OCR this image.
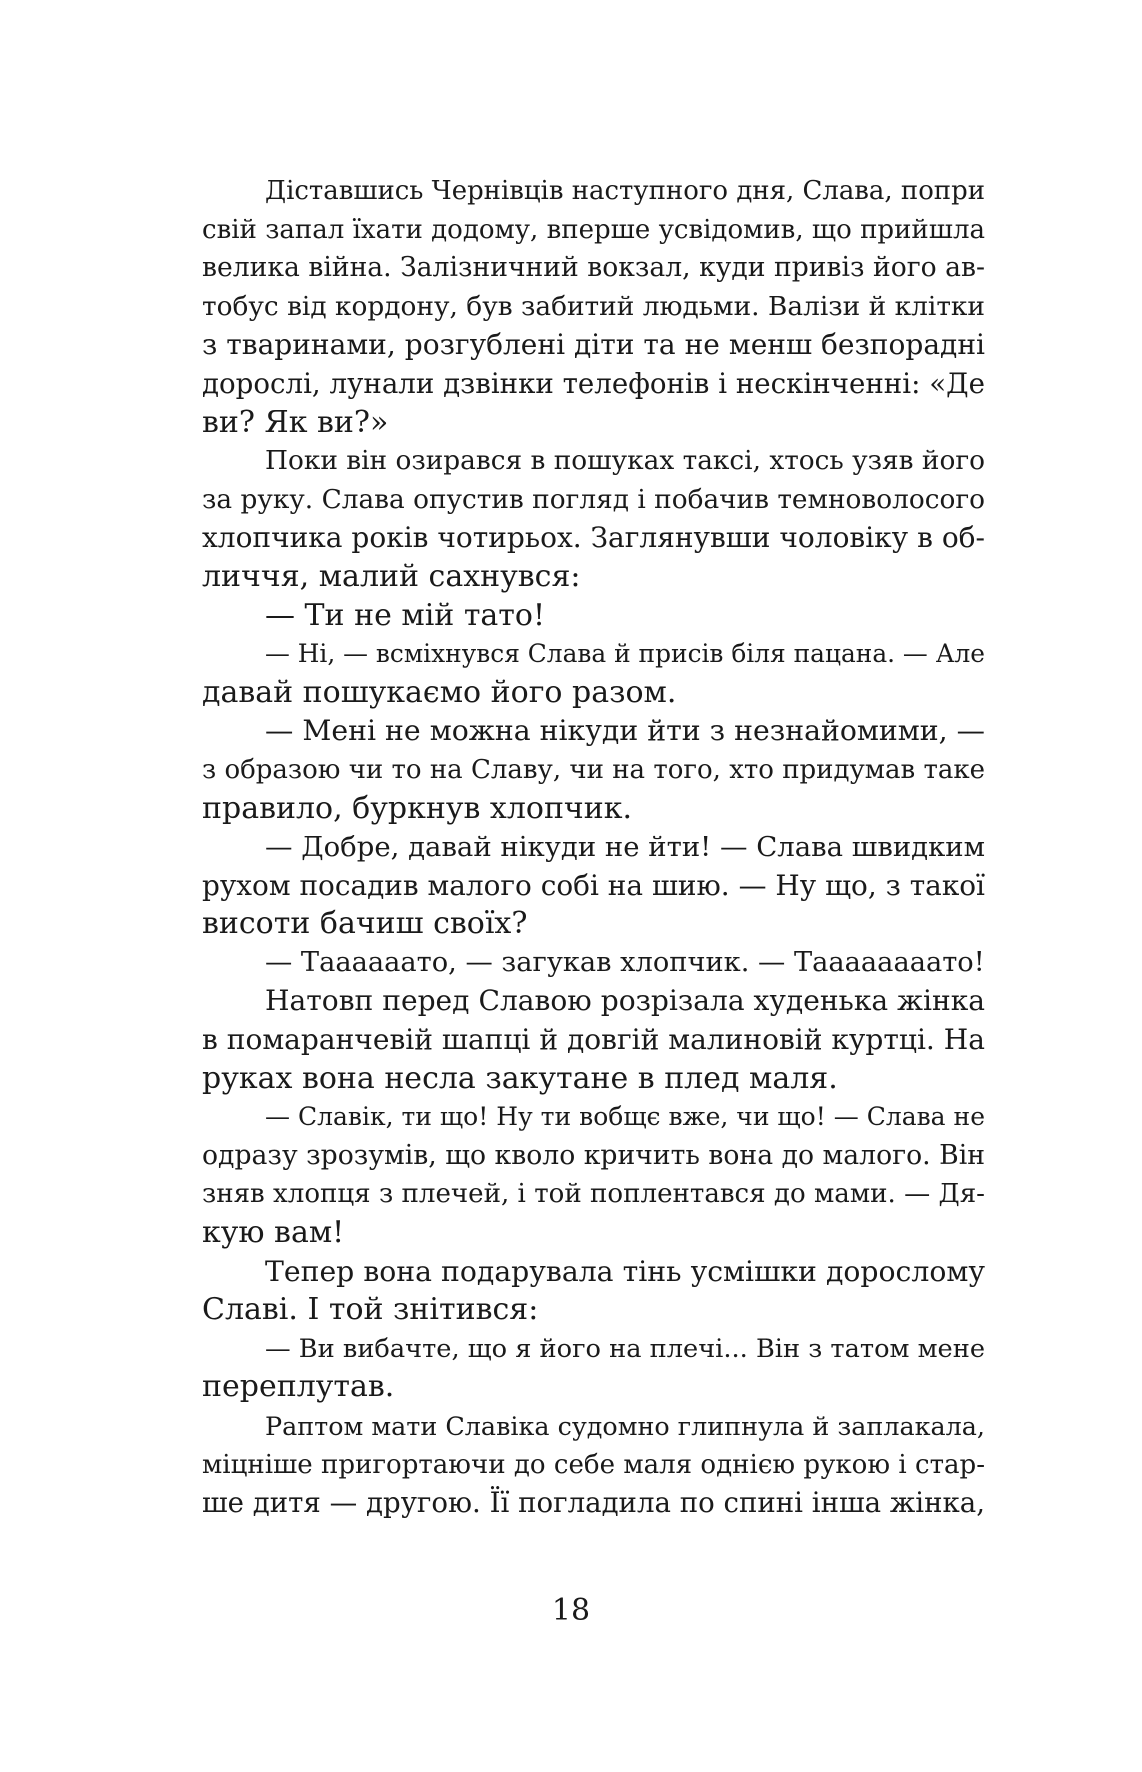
Діставшись Чернівців наступного дня, Слава, попри
свій запал їхати додому, вперше усвідомив, що прийшла
велика війна. Залізничний вокзал, куди привіз його ав-
тобус від кордону, був забитий людьми. Валізи й клітки
з тваринами, розгублені діти та не менш безпорадні
дорослі, лунали дзвінки телефонів і нескінченні: «Де
ви? Як ви?»
Поки він озирався в пошуках таксі, хтось узяв його
за руку. Слава опустив погляд і побачив темноволосого
хлопчика років чотирьох. Заглянувши чоловіку в об-
личчя, малий сахнувся:
— Ти не мій тато!
— Ні, — всміхнувся Слава й присів біля пацана. — Але
давай пошукаємо його разом.
— Мені не можна нікуди йти з незнайомими, —
з образою чи то на Славу, чи на того, хто придумав таке
правило, буркнув хлопчик.
— Добре, давай нікуди не йти! — Слава швидким
рухом посадив малого собі на шию. — Ну що, з такої
висоти бачиш своїх?
— Таааааато, — загукав хлопчик. — Таааааааато!
Натовп перед Славою розрізала худенька жінка
в помаранчевій шапці й довгій малиновій куртці. На
руках вона несла закутане в плед маля.
— Славік, ти що! Ну ти вобщє вже, чи що! — Слава не
одразу зрозумів, що кволо кричить вона до малого. Він
зняв хлопця з плечей, і той поплентався до мами. — Дя-
кую вам!
Тепер вона подарувала тінь усмішки дорослому
Славі. І той знітився:
— Ви вибачте, що я його на плечі... Він з татом мене
переплутав.
Раптом мати Славіка судомно глипнула й заплакала,
міцніше пригортаючи до себе маля однією рукою і стар-
ше дитя — другою. Її погладила по спині інша жінка,
18
